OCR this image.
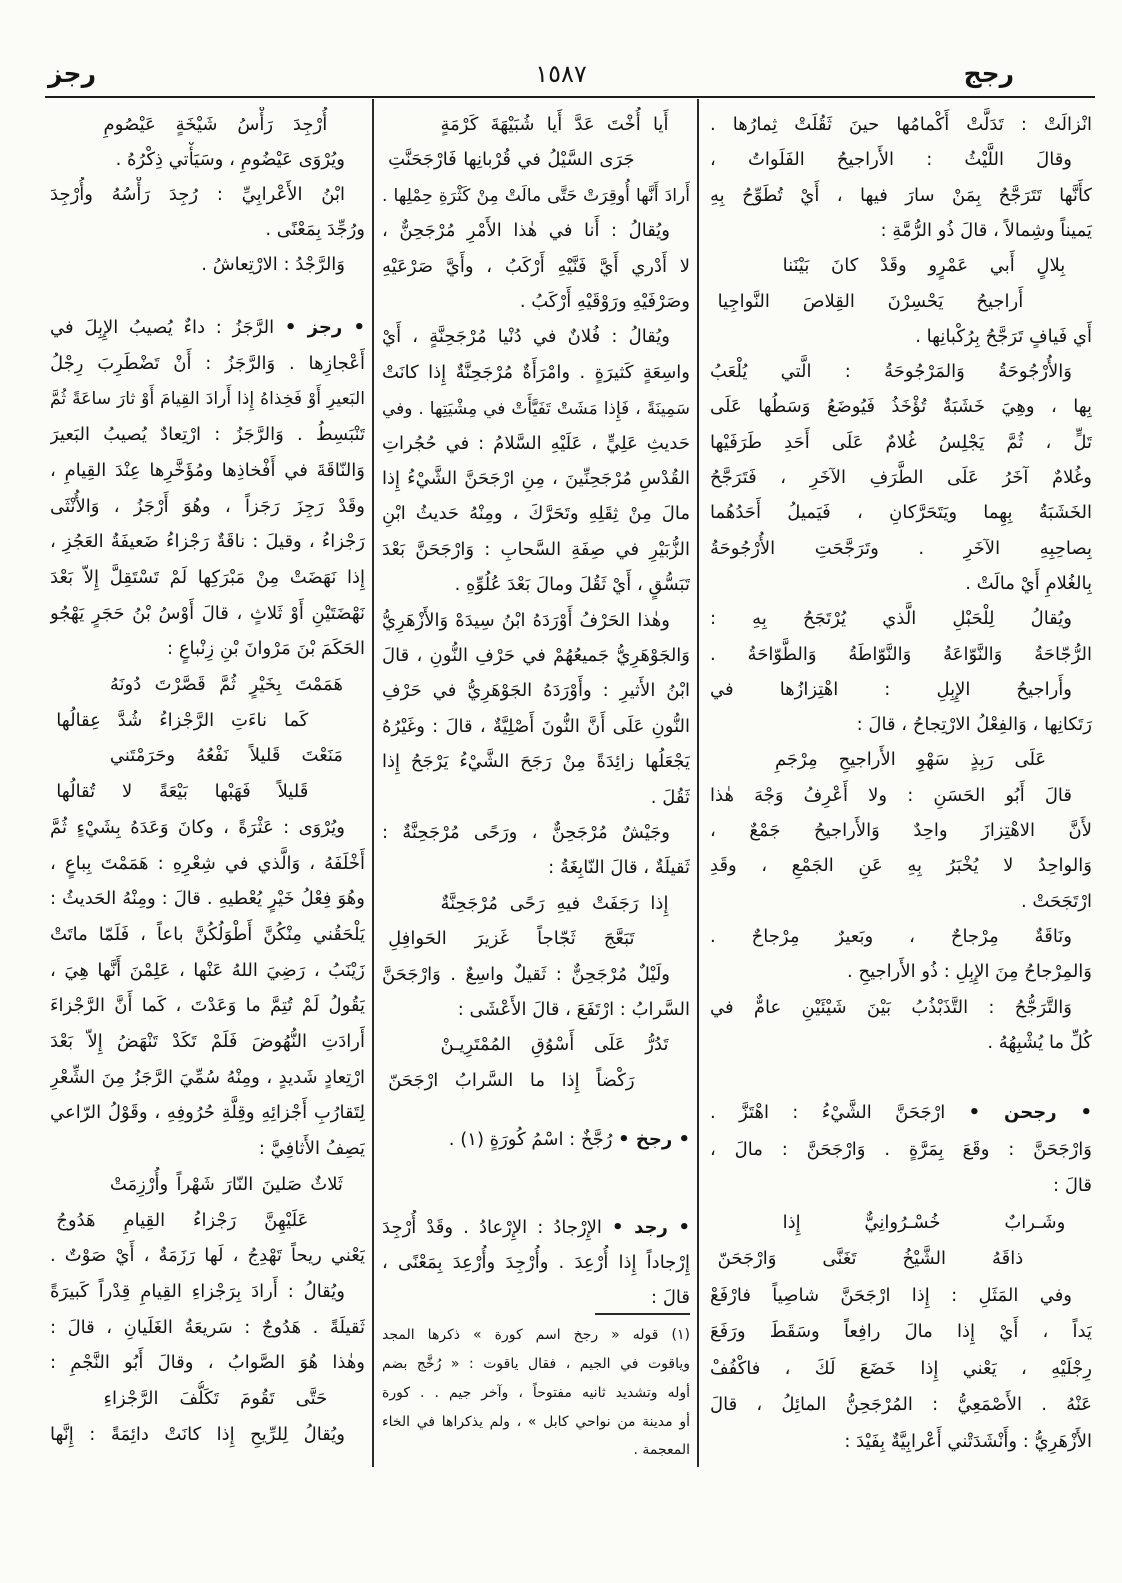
رجج
١٥٨٧
رجز
انْزالَتْ : تَدَلَّتْ أَكْمامُها حينَ ثَقُلَتْ ثِمارُها .
وقالَ اللَّيْثُ : الأَراجيحُ الفَلَواتُ ،
كأَنَّها تَتَرَجَّحُ بِمَنْ سارَ فيها ، أَيْ تُطَوِّحُ بِهِ
يَميناً وشِمالاً ، قالَ ذُو الرُّمَّةِ :
بِلالٍ أَبي عَمْرٍو وقَدْ كانَ بَيْنَنا
أَراجيحُ يَحْسِرْنَ القِلاصَ النَّواجِيا
أَي فَيافٍ تَرَجَّحُ بِرُكْبانِها .
وَالأُرْجُوحَةُ وَالمَرْجُوحَةُ : الَّتي يُلْعَبُ
بِها ، وهِيَ خَشَبَةٌ تُؤْخَذُ فَيُوضَعُ وَسَطُها عَلَى
تَلٍّ ، ثُمَّ يَجْلِسُ غُلامٌ عَلَى أَحَدِ طَرَفَيْها
وغُلامٌ آخَرُ عَلَى الطَّرَفِ الآخَرِ ، فَتَرَجَّحُ
الخَشَبَةُ بِهِما ويَتَحَرَّكانِ ، فَيَميلُ أَحَدُهُما
بِصاحِبِهِ الآخَرِ . وتَرَجَّحَتِ الأُرْجُوحَةُ
بِالغُلامِ أَيْ مالَتْ .
ويُقالُ لِلْحَبْلِ الَّذي يُرْتَجَحُ بِهِ :
الرُّجّاحَةُ وَالنَّوّاعَةُ وَالنَّوّاطَةُ وَالطَّوّاحَةُ .
وأَراجيحُ الإِبِلِ : اهْتِزازُها في
رَتَكانِها ، وَالفِعْلُ الارْتِجاحُ ، قالَ :
عَلَى رَبِذٍ سَهْوِ الأَراجيحِ مِرْجَمِ
قالَ أَبُو الحَسَنِ : ولا أَعْرِفُ وَجْهَ هٰذا
لأَنَّ الاهْتِزازَ واحِدٌ وَالأَراجيحُ جَمْعٌ ،
وَالواحِدُ لا يُخْبَرُ بِهِ عَنِ الجَمْعِ ، وقَدِ
ارْتَجَحَتْ .
ونَاقَةٌ مِرْجاحٌ ، وبَعيرٌ مِرْجاحٌ .
وَالمِرْجاحُ مِنَ الإِبِلِ : ذُو الأَراجيحِ .
وَالتَّرَجُّحُ : التَّذَبْذُبُ بَيْنَ شَيْئَيْنِ عامٌّ في
كُلِّ ما يُشْبِهُهُ .
• رجحن • ارْجَحَنَّ الشَّيْءُ : اهْتَزَّ .
وَارْجَحَنَّ : وقَعَ بِمَرَّةٍ . وَارْجَحَنَّ : مالَ ،
قالَ :
وشَـرابٌ خُسْـرُوانِيٌّ إِذا
ذاقَهُ الشَّيْخُ تَغَنَّى وَارْجَحَنّ
وفي المَثَلِ : إِذا ارْجَحَنَّ شاصِياً فارْفَعْ
يَداً ، أَيْ إِذا مالَ رافِعاً وسَقَطَ ورَفَعَ
رِجْلَيْهِ ، يَعْني إِذا خَضَعَ لَكَ ، فاكْفُفْ
عَنْهُ . الأَصْمَعِيُّ : المُرْجَحِنُّ المائِلُ ، قالَ
الأَزْهَرِيُّ : وأَنْشَدَتْني أَعْرابِيَّةٌ بِفَيْدَ :
أَيا أُخْتَ عَدَّ أَيا شُبَيْهَةَ كَرْمَةٍ
جَرَى السَّيْلُ في قُرْبانِها فَارْجَحَنَّتِ
أَرادَ أَنَّها أُوقِرَتْ حَتَّى مالَتْ مِنْ كَثْرَةِ حِمْلِها .
ويُقالُ : أَنا في هٰذا الأَمْرِ مُرْجَحِنٌّ ،
لا أَدْري أَيَّ فَنَّيْهِ أَرْكَبُ ، وأَيَّ صَرْعَيْهِ
وصَرْفَيْهِ ورَوْقَيْهِ أَرْكَبُ .
ويُقالُ : فُلانٌ في دُنْيا مُرْجَحِنَّةٍ ، أَيْ
واسِعَةٍ كَثيرَةٍ . وامْرَأَةٌ مُرْجَحِنَّةٌ إِذا كانَتْ
سَمِينَةً ، فَإِذا مَشَتْ تَفَيَّأَتْ في مِشْيَتِها . وفي
حَديثِ عَلِيٍّ ، عَلَيْهِ السَّلامُ : في حُجُراتِ
القُدْسِ مُرْجَحِنِّينَ ، مِنِ ارْجَحَنَّ الشَّيْءُ إِذا
مالَ مِنْ ثِقَلِهِ وتَحَرَّكَ ، ومِنْهُ حَديثُ ابْنِ
الزُّبَيْرِ في صِفَةِ السَّحابِ : وَارْجَحَنَّ بَعْدَ
تَبَسُّقٍ ، أَيْ ثَقُلَ ومالَ بَعْدَ عُلُوِّهِ .
وهٰذا الحَرْفُ أَوْرَدَهُ ابْنُ سِيدَهْ وَالأَزْهَرِيُّ
وَالجَوْهَرِيُّ جَميعُهُمْ في حَرْفِ النُّونِ ، قالَ
ابْنُ الأَثيرِ : وأَوْرَدَهُ الجَوْهَرِيُّ في حَرْفِ
النُّونِ عَلَى أَنَّ النُّونَ أَصْلِيَّةٌ ، قالَ : وغَيْرُهُ
يَجْعَلُها زائِدَةً مِنْ رَجَحَ الشَّيْءُ يَرْجَحُ إِذا
ثَقُلَ .
وجَيْشٌ مُرْجَحِنٌّ ، ورَحًى مُرْجَحِنَّةٌ :
ثَقيلَةٌ ، قالَ النّابِغَةُ :
إِذا رَجَفَتْ فيهِ رَحًى مُرْجَحِنَّةٌ
تَبَعَّجَ ثَجّاجاً غَزيرَ الحَوافِلِ
ولَيْلٌ مُرْجَحِنٌّ : ثَقيلٌ واسِعٌ . وَارْجَحَنَّ
السَّرابُ : ارْتَفَعَ ، قالَ الأَعْشَى :
تَدُرُّ عَلَى أَسْوُقِ المُمْتَرِيـنْ
رَكْضاً إِذا ما السَّرابُ ارْجَحَنّ
• رجخ • رُجَّخٌ : اسْمُ كُورَةٍ (١) .
• رجد • الإِرْجادُ : الإِرْعادُ . وقَدْ أُرْجِدَ
إِرْجاداً إِذا أُرْعِدَ . وأُرْجِدَ وأُرْعِدَ بِمَعْنًى ،
قالَ :
(١) قوله « رجخ اسم كورة » ذكرها المجد
وياقوت في الجيم ، فقال ياقوت : « رُخَّج بضم
أوله وتشديد ثانيه مفتوحاً ، وآخر جيم . . كورة
أو مدينة من نواحي كابل » ، ولم يذكراها في الخاء
المعجمة .
أُرْجِدَ رَأْسُ شَيْخَةٍ عَيْصُومِ
ويُرْوَى عَيْضُومِ ، وسَيَأْتي ذِكْرُهُ .
ابْنُ الأَعْرابِيِّ : رُجِدَ رَأْسُهُ وأُرْجِدَ
ورُجِّدَ بِمَعْنًى .
وَالرَّجْدُ : الارْتِعاشُ .
• رجز • الرَّجَزُ : داءٌ يُصيبُ الإِبِلَ في
أَعْجازِها . وَالرَّجَزُ : أَنْ تَضْطَرِبَ رِجْلُ
البَعيرِ أَوْ فَخِذاهُ إِذا أَرادَ القِيامَ أَوْ ثارَ ساعَةً ثُمَّ
تَنْبَسِطُ . وَالرَّجَزُ : ارْتِعادٌ يُصيبُ البَعيرَ
وَالنّاقَةَ في أَفْخاذِها ومُؤَخَّرِها عِنْدَ القِيامِ ،
وقَدْ رَجِزَ رَجَزاً ، وهُوَ أَرْجَزُ ، وَالأُنْثَى
رَجْزاءُ ، وقيلَ : ناقَةٌ رَجْزاءُ ضَعيفَةُ العَجُزِ ،
إِذا نَهَضَتْ مِنْ مَبْرَكِها لَمْ تَسْتَقِلَّ إِلاّ بَعْدَ
نَهْضَتَيْنِ أَوْ ثَلاثٍ ، قالَ أَوْسُ بْنُ حَجَرٍ يَهْجُو
الحَكَمَ بْنَ مَرْوانَ بْنِ زِنْباعٍ :
هَمَمْتَ بِخَيْرٍ ثُمَّ قَصَّرْتَ دُونَهُ
كَما ناءَتِ الرَّجْزاءُ شُدَّ عِقالُها
مَنَعْتَ قَليلاً نَفْعُهُ وحَرَمْتَني
قَليلاً فَهَبْها بَيْعَةً لا تُقالُها
ويُرْوَى : عَثْرَةً ، وكانَ وَعَدَهُ بِشَيْءٍ ثُمَّ
أَخْلَفَهُ ، وَالَّذي في شِعْرِهِ : هَمَمْتَ بِباعٍ ،
وهُوَ فِعْلُ خَيْرٍ يُعْطيهِ . قالَ : ومِنْهُ الحَديثُ :
يَلْحَقُني مِنْكُنَّ أَطْوَلُكُنَّ باعاً ، فَلَمّا ماتَتْ
زَيْنَبُ ، رَضِيَ اللهُ عَنْها ، عَلِمْنَ أَنَّها هِيَ ،
يَقُولُ لَمْ تُتِمَّ ما وَعَدْتَ ، كَما أَنَّ الرَّجْزاءَ
أَرادَتِ النُّهُوضَ فَلَمْ تَكَدْ تَنْهَضُ إِلاّ بَعْدَ
ارْتِعادٍ شَديدٍ ، ومِنْهُ سُمِّيَ الرَّجَزُ مِنَ الشِّعْرِ
لِتَقارُبِ أَجْزائِهِ وقِلَّةِ حُرُوفِهِ ، وقَوْلُ الرّاعي
يَصِفُ الأَثافِيَّ :
ثَلاثٌ صَلينَ النّارَ شَهْراً وأُرْزِمَتْ
عَلَيْهِنَّ رَجْزاءُ القِيامِ هَدُوجُ
يَعْني ريحاً تَهْدِجُ ، لَها رَزَمَةٌ ، أَيْ صَوْتٌ .
ويُقالُ : أَرادَ بِرَجْزاءِ القِيامِ قِدْراً كَبيرَةً
ثَقيلَةً . هَدُوجٌ : سَريعَةُ الغَلَيانِ ، قالَ :
وهٰذا هُوَ الصَّوابُ ، وقالَ أَبُو النَّجْمِ :
حَتَّى تَقُومَ تَكَلُّفَ الرَّجْزاءِ
ويُقالُ لِلرِّيحِ إِذا كانَتْ دائِمَةً : إِنَّها
